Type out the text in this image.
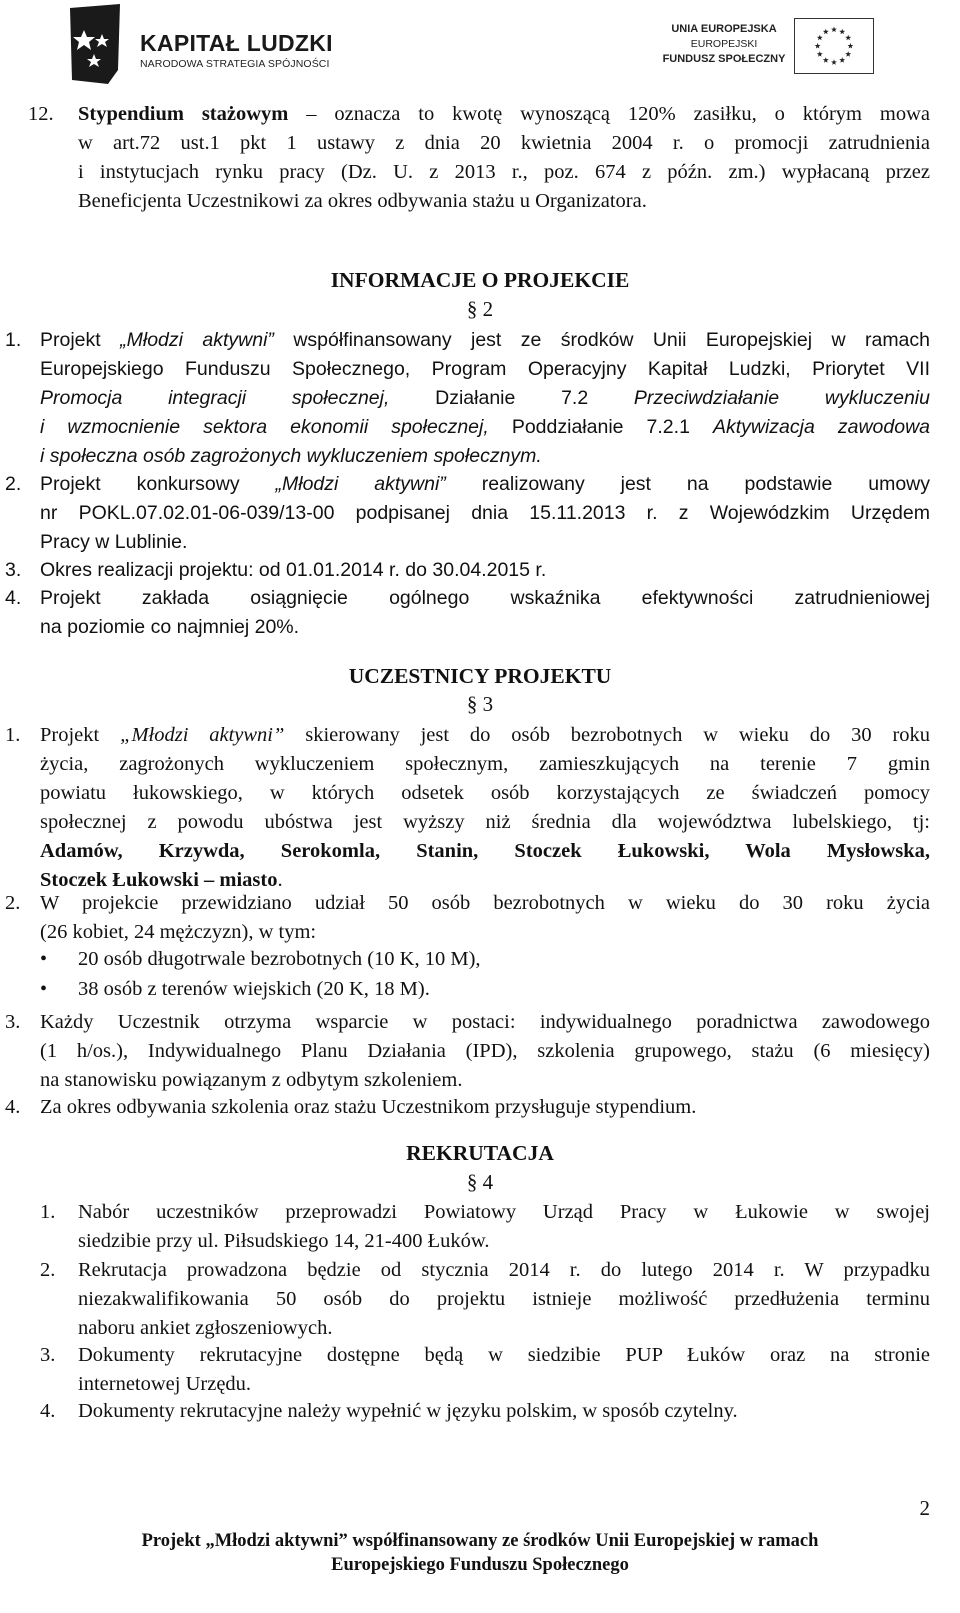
KAPITAŁ LUDZKI
NARODOWA STRATEGIA SPÓJNOŚCI
UNIA EUROPEJSKA
EUROPEJSKI
FUNDUSZ SPOŁECZNY
12. Stypendium stażowym – oznacza to kwotę wynoszącą 120% zasiłku, o którym mowa
w art.72 ust.1 pkt 1 ustawy z dnia 20 kwietnia 2004 r. o promocji zatrudnienia
i instytucjach rynku pracy (Dz. U. z 2013 r., poz. 674 z późn. zm.) wypłacaną przez
Beneficjenta Uczestnikowi za okres odbywania stażu u Organizatora.
INFORMACJE O PROJEKCIE
§ 2
1. Projekt „Młodzi aktywni” współfinansowany jest ze środków Unii Europejskiej w ramach
Europejskiego Funduszu Społecznego, Program Operacyjny Kapitał Ludzki, Priorytet VII
Promocja integracji społecznej, Działanie 7.2 Przeciwdziałanie wykluczeniu
i wzmocnienie sektora ekonomii społecznej, Poddziałanie 7.2.1 Aktywizacja zawodowa
i społeczna osób zagrożonych wykluczeniem społecznym.
2. Projekt konkursowy „Młodzi aktywni” realizowany jest na podstawie umowy
nr POKL.07.02.01-06-039/13-00 podpisanej dnia 15.11.2013 r. z Wojewódzkim Urzędem
Pracy w Lublinie.
3. Okres realizacji projektu: od 01.01.2014 r. do 30.04.2015 r.
4. Projekt zakłada osiągnięcie ogólnego wskaźnika efektywności zatrudnieniowej
na poziomie co najmniej 20%.
UCZESTNICY PROJEKTU
§ 3
1. Projekt „Młodzi aktywni” skierowany jest do osób bezrobotnych w wieku do 30 roku
życia, zagrożonych wykluczeniem społecznym, zamieszkujących na terenie 7 gmin
powiatu łukowskiego, w których odsetek osób korzystających ze świadczeń pomocy
społecznej z powodu ubóstwa jest wyższy niż średnia dla województwa lubelskiego, tj:
Adamów, Krzywda, Serokomla, Stanin, Stoczek Łukowski, Wola Mysłowska,
Stoczek Łukowski – miasto.
2. W projekcie przewidziano udział 50 osób bezrobotnych w wieku do 30 roku życia
(26 kobiet, 24 mężczyzn), w tym:
• 20 osób długotrwale bezrobotnych (10 K, 10 M),
• 38 osób z terenów wiejskich (20 K, 18 M).
3. Każdy Uczestnik otrzyma wsparcie w postaci: indywidualnego poradnictwa zawodowego
(1 h/os.), Indywidualnego Planu Działania (IPD), szkolenia grupowego, stażu (6 miesięcy)
na stanowisku powiązanym z odbytym szkoleniem.
4. Za okres odbywania szkolenia oraz stażu Uczestnikom przysługuje stypendium.
REKRUTACJA
§ 4
1. Nabór uczestników przeprowadzi Powiatowy Urząd Pracy w Łukowie w swojej
siedzibie przy ul. Piłsudskiego 14, 21-400 Łuków.
2. Rekrutacja prowadzona będzie od stycznia 2014 r. do lutego 2014 r. W przypadku
niezakwalifikowania 50 osób do projektu istnieje możliwość przedłużenia terminu
naboru ankiet zgłoszeniowych.
3. Dokumenty rekrutacyjne dostępne będą w siedzibie PUP Łuków oraz na stronie
internetowej Urzędu.
4. Dokumenty rekrutacyjne należy wypełnić w języku polskim, w sposób czytelny.
2
Projekt „Młodzi aktywni” współfinansowany ze środków Unii Europejskiej w ramach
Europejskiego Funduszu Społecznego
